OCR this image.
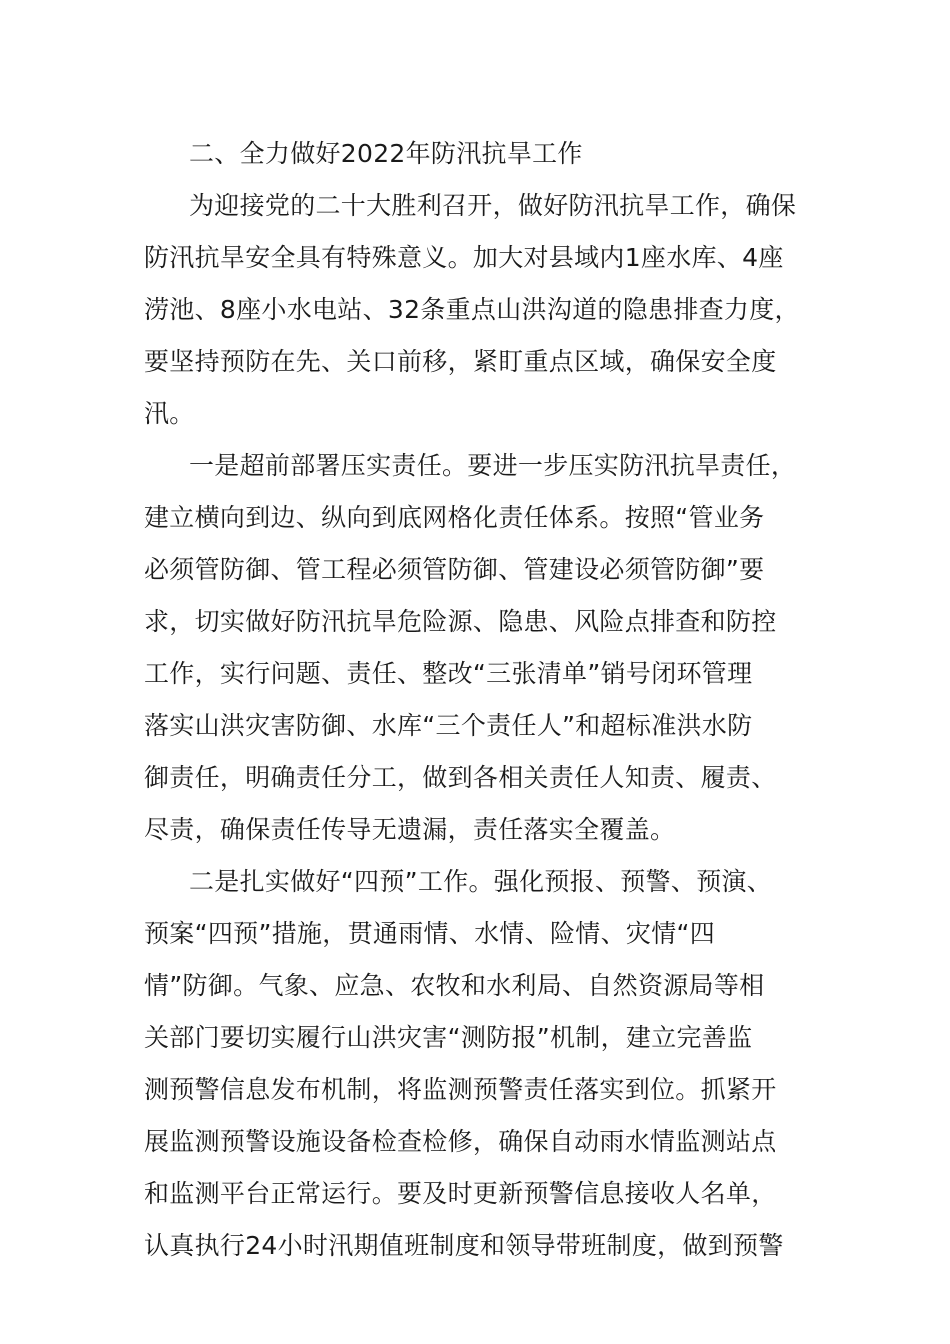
二、全力做好2022年防汛抗旱工作
为迎接党的二十大胜利召开，做好防汛抗旱工作，确保
防汛抗旱安全具有特殊意义。加大对县域内1座水库、4座
涝池、8座小水电站、32条重点山洪沟道的隐患排查力度，
要坚持预防在先、关口前移，紧盯重点区域，确保安全度
汛。
一是超前部署压实责任。要进一步压实防汛抗旱责任，
建立横向到边、纵向到底网格化责任体系。按照“管业务
必须管防御、管工程必须管防御、管建设必须管防御”要
求，切实做好防汛抗旱危险源、隐患、风险点排查和防控
工作，实行问题、责任、整改“三张清单”销号闭环管理
落实山洪灾害防御、水库“三个责任人”和超标准洪水防
御责任，明确责任分工，做到各相关责任人知责、履责、
尽责，确保责任传导无遗漏，责任落实全覆盖。
二是扎实做好“四预”工作。强化预报、预警、预演、
预案“四预”措施，贯通雨情、水情、险情、灾情“四
情”防御。气象、应急、农牧和水利局、自然资源局等相
关部门要切实履行山洪灾害“测防报”机制，建立完善监
测预警信息发布机制，将监测预警责任落实到位。抓紧开
展监测预警设施设备检查检修，确保自动雨水情监测站点
和监测平台正常运行。要及时更新预警信息接收人名单，
认真执行24小时汛期值班制度和领导带班制度，做到预警
